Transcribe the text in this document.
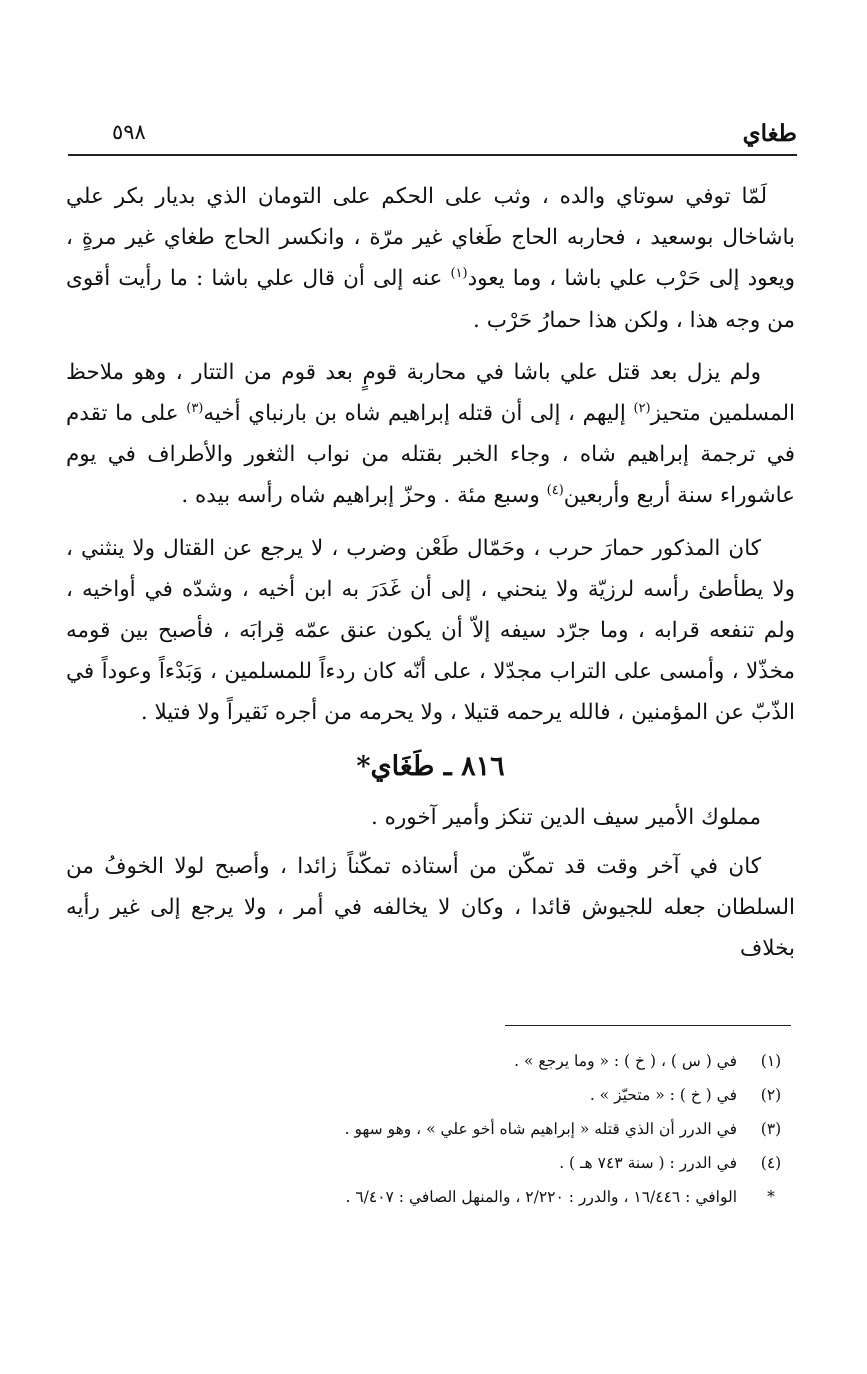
طغاي
٥٩٨

لَمّا توفي سوتاي والده ، وثب على الحكم على التومان الذي بديار بكر علي باشاخال بوسعيد ، فحاربه الحاج طَغاي غير مرّة ، وانكسر الحاج طغاي غير مرةٍ ، ويعود إلى حَرْب علي باشا ، وما يعود$^{(١)}$ عنه إلى أن قال علي باشا : ما رأيت أقوى من وجه هذا ، ولكن هذا حمارُ حَرْب .

ولم يزل بعد قتل علي باشا في محاربة قومٍ بعد قوم من التتار ، وهو ملاحظ المسلمين متحيز$^{(٢)}$ إليهم ، إلى أن قتله إبراهيم شاه بن بارنباي أخيه$^{(٣)}$ على ما تقدم في ترجمة إبراهيم شاه ، وجاء الخبر بقتله من نواب الثغور والأطراف في يوم عاشوراء سنة أربع وأربعين$^{(٤)}$ وسبع مئة . وحزّ إبراهيم شاه رأسه بيده .

كان المذكور حمارَ حرب ، وحَمّال طَعْن وضرب ، لا يرجع عن القتال ولا ينثني ، ولا يطأطئ رأسه لرزيّة ولا ينحني ، إلى أن غَدَرَ به ابن أخيه ، وشدّه في أواخيه ، ولم تنفعه قرابه ، وما جرّد سيفه إلاّ أن يكون عنق عمّه قِرابَه ، فأصبح بين قومه مخذّلا ، وأمسى على التراب مجدّلا ، على أنّه كان ردءاً للمسلمين ، وَبَدْءاً وعوداً في الذّبّ عن المؤمنين ، فالله يرحمه قتيلا ، ولا يحرمه من أجره نَقيراً ولا فتيلا .

٨١٦ ـ طَغَاي*

مملوك الأمير سيف الدين تنكز وأمير آخوره .

كان في آخر وقت قد تمكّن من أستاذه تمكّناً زائدا ، وأصبح لولا الخوفُ من السلطان جعله للجيوش قائدا ، وكان لا يخالفه في أمر ، ولا يرجع إلى غير رأيه بخلاف

(١)
في ( س ) ، ( خ ) : « وما يرجع » .
(٢)
في ( خ ) : « متحيّز » .
(٣)
في الدرر أن الذي قتله « إبراهيم شاه أخو علي » ، وهو سهو .
(٤)
في الدرر : ( سنة ٧٤٣ هـ ) .
*
الوافي : ١٦/٤٤٦ ، والدرر : ٢/٢٢٠ ، والمنهل الصافي : ٦/٤٠٧ .
